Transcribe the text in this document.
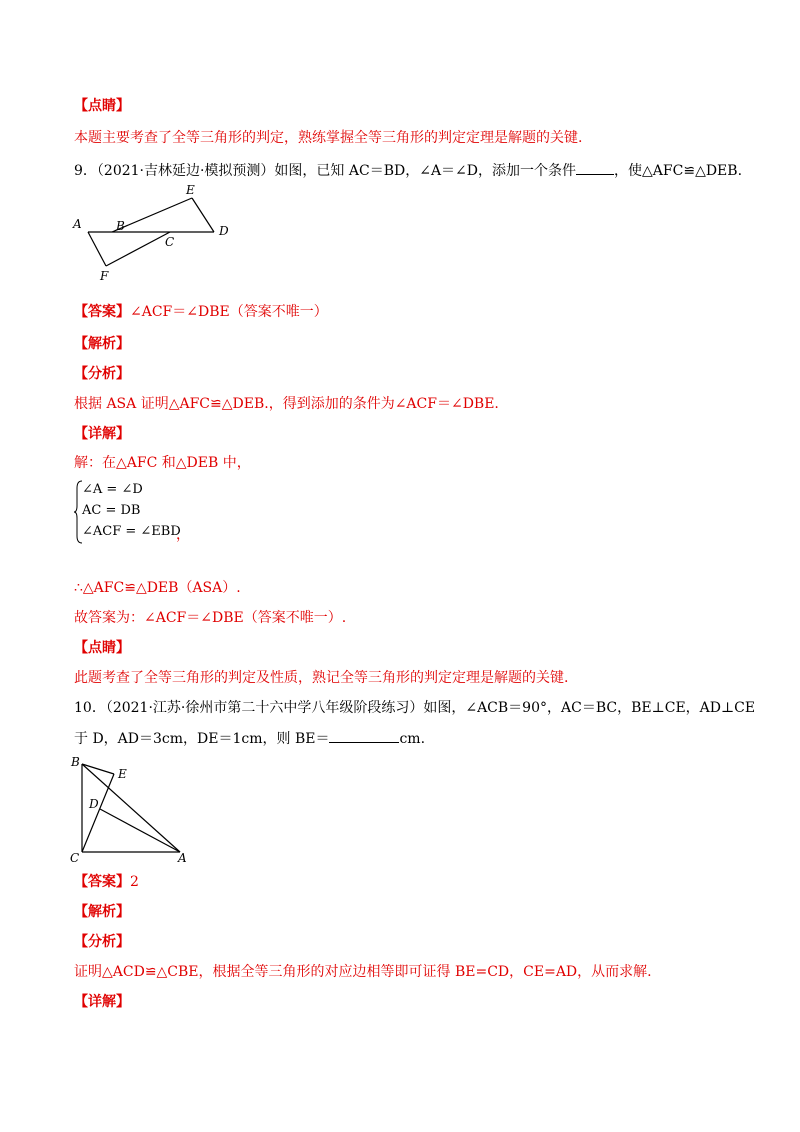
【点睛】
本题主要考查了全等三角形的判定，熟练掌握全等三角形的判定定理是解题的关键.
9．（2021·吉林延边·模拟预测）如图，已知 AC＝BD，∠A＝∠D，添加一个条件	，使△AFC≌△DEB.
A	B
C
D
E
F
【答案】∠ACF＝∠DBE（答案不唯一）
【解析】
【分析】
根据 ASA 证明△AFC≌△DEB.，得到添加的条件为∠ACF＝∠DBE.
【详解】
解：在△AFC 和△DEB 中，
∠A = ∠D
AC = DB
∠ACF = ∠EBD
，
∴△AFC≌△DEB（ASA）.
故答案为：∠ACF＝∠DBE（答案不唯一）.
【点睛】
此题考查了全等三角形的判定及性质，熟记全等三角形的判定定理是解题的关键.
10．（2021·江苏·徐州市第二十六中学八年级阶段练习）如图，∠ACB＝90°，AC＝BC，BE⊥CE，AD⊥CE
于 D，AD＝3cm，DE＝1cm，则 BE＝	cm.
B
E
D
C	A
【答案】2
【解析】
【分析】
证明△ACD≌△CBE，根据全等三角形的对应边相等即可证得 BE=CD，CE=AD，从而求解.
【详解】
